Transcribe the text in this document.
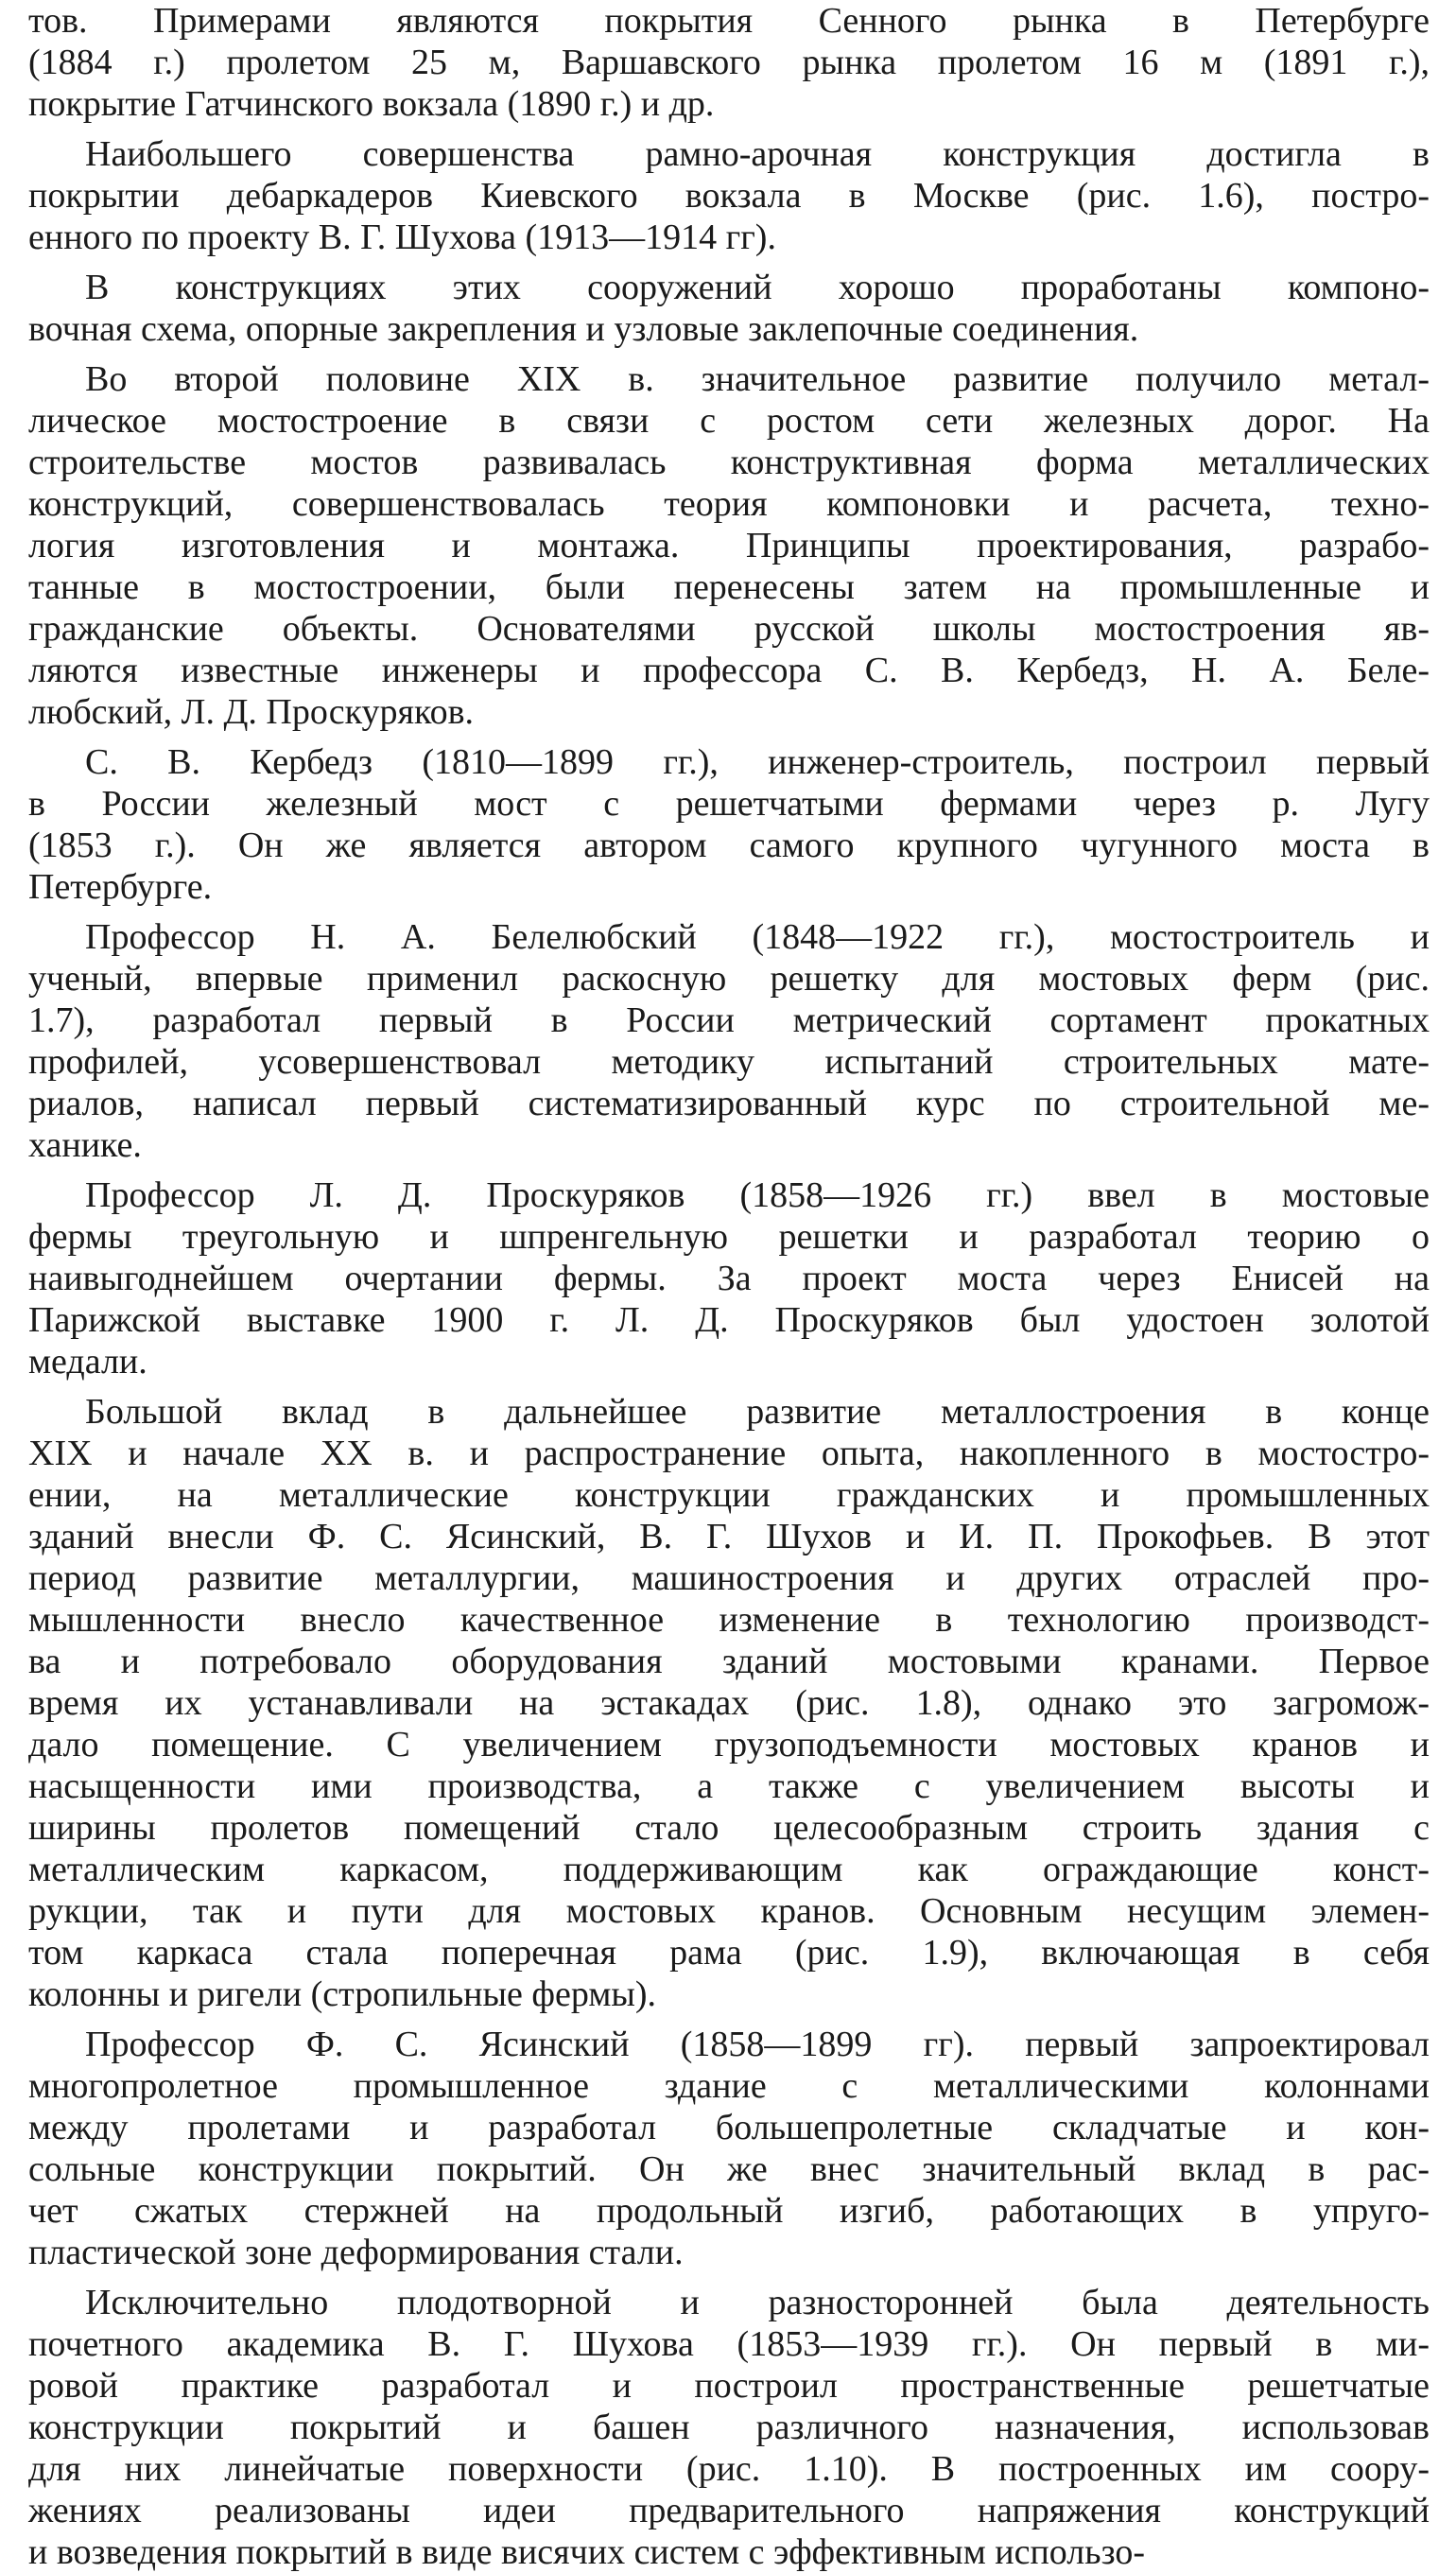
тов. Примерами являются покрытия Сенного рынка в Петербурге
(1884 г.) пролетом 25 м, Варшавского рынка пролетом 16 м (1891 г.),
покрытие Гатчинского вокзала (1890 г.) и др.

Наибольшего совершенства рамно-арочная конструкция достигла в
покрытии дебаркадеров Киевского вокзала в Москве (рис. 1.6), постро-
енного по проекту В. Г. Шухова (1913—1914 гг).

В конструкциях этих сооружений хорошо проработаны компоно-
вочная схема, опорные закрепления и узловые заклепочные соединения.

Во второй половине XIX в. значительное развитие получило метал-
лическое мостостроение в связи с ростом сети железных дорог. На
строительстве мостов развивалась конструктивная форма металлических
конструкций, совершенствовалась теория компоновки и расчета, техно-
логия изготовления и монтажа. Принципы проектирования, разрабо-
танные в мостостроении, были перенесены затем на промышленные и
гражданские объекты. Основателями русской школы мостостроения яв-
ляются известные инженеры и профессора С. В. Кербедз, Н. А. Беле-
любский, Л. Д. Проскуряков.

С. В. Кербедз (1810—1899 гг.), инженер-строитель, построил первый
в России железный мост с решетчатыми фермами через р. Лугу
(1853 г.). Он же является автором самого крупного чугунного моста в
Петербурге.

Профессор Н. А. Белелюбский (1848—1922 гг.), мостостроитель и
ученый, впервые применил раскосную решетку для мостовых ферм (рис.
1.7), разработал первый в России метрический сортамент прокатных
профилей, усовершенствовал методику испытаний строительных мате-
риалов, написал первый систематизированный курс по строительной ме-
ханике.

Профессор Л. Д. Проскуряков (1858—1926 гг.) ввел в мостовые
фермы треугольную и шпренгельную решетки и разработал теорию о
наивыгоднейшем очертании фермы. За проект моста через Енисей на
Парижской выставке 1900 г. Л. Д. Проскуряков был удостоен золотой
медали.

Большой вклад в дальнейшее развитие металлостроения в конце
XIX и начале XX в. и распространение опыта, накопленного в мостостро-
ении, на металлические конструкции гражданских и промышленных
зданий внесли Ф. С. Ясинский, В. Г. Шухов и И. П. Прокофьев. В этот
период развитие металлургии, машиностроения и других отраслей про-
мышленности внесло качественное изменение в технологию производст-
ва и потребовало оборудования зданий мостовыми кранами. Первое
время их устанавливали на эстакадах (рис. 1.8), однако это загромож-
дало помещение. С увеличением грузоподъемности мостовых кранов и
насыщенности ими производства, а также с увеличением высоты и
ширины пролетов помещений стало целесообразным строить здания с
металлическим каркасом, поддерживающим как ограждающие конст-
рукции, так и пути для мостовых кранов. Основным несущим элемен-
том каркаса стала поперечная рама (рис. 1.9), включающая в себя
колонны и ригели (стропильные фермы).

Профессор Ф. С. Ясинский (1858—1899 гг). первый запроектировал
многопролетное промышленное здание с металлическими колоннами
между пролетами и разработал большепролетные складчатые и кон-
сольные конструкции покрытий. Он же внес значительный вклад в рас-
чет сжатых стержней на продольный изгиб, работающих в упруго-
пластической зоне деформирования стали.

Исключительно плодотворной и разносторонней была деятельность
почетного академика В. Г. Шухова (1853—1939 гг.). Он первый в ми-
ровой практике разработал и построил пространственные решетчатые
конструкции покрытий и башен различного назначения, использовав
для них линейчатые поверхности (рис. 1.10). В построенных им соору-
жениях реализованы идеи предварительного напряжения конструкций
и возведения покрытий в виде висячих систем с эффективным использо-
